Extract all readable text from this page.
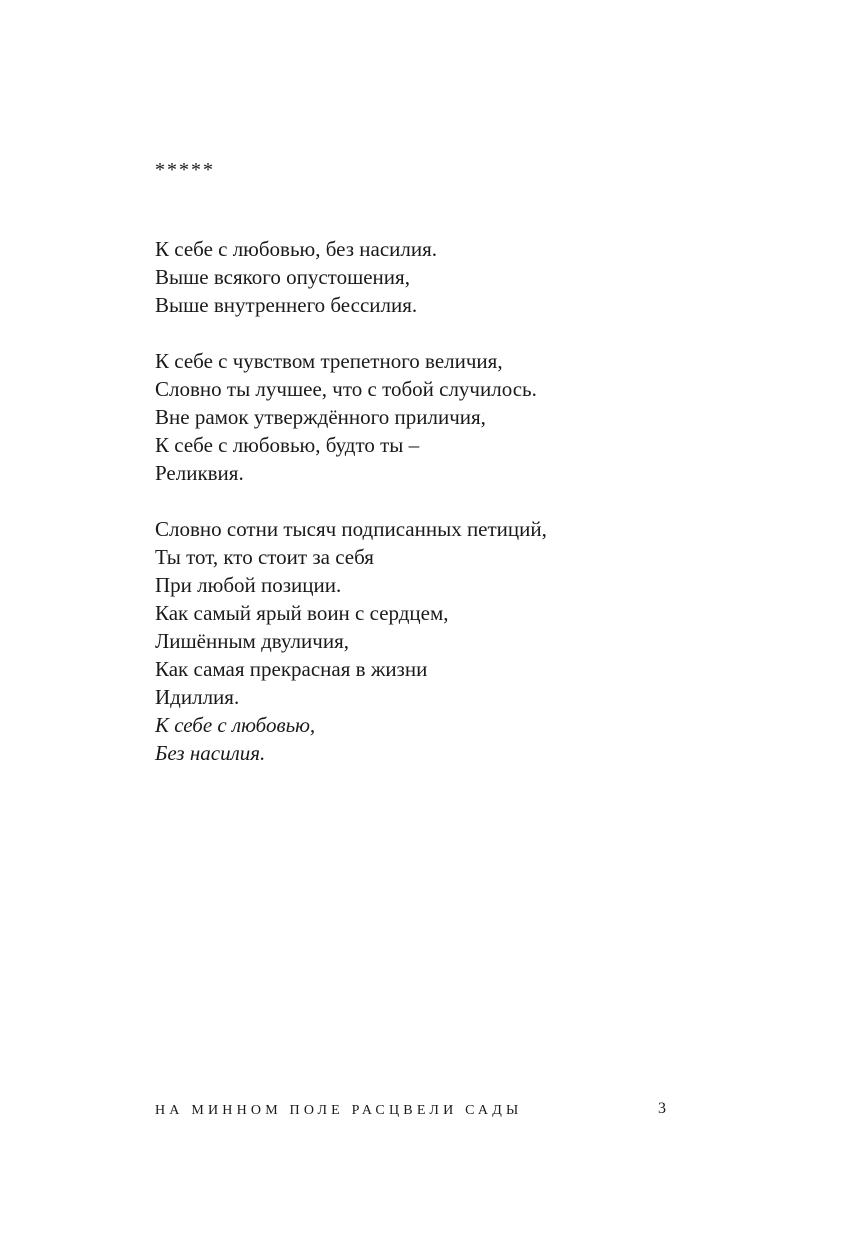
*****
К себе с любовью, без насилия.
Выше всякого опустошения,
Выше внутреннего бессилия.
К себе с чувством трепетного величия,
Словно ты лучшее, что с тобой случилось.
Вне рамок утверждённого приличия,
К себе с любовью, будто ты –
Реликвия.
Словно сотни тысяч подписанных петиций,
Ты тот, кто стоит за себя
При любой позиции.
Как самый ярый воин с сердцем,
Лишённым двуличия,
Как самая прекрасная в жизни
Идиллия.
К себе с любовью,
Без насилия.
НА МИННОМ ПОЛЕ РАСЦВЕЛИ САДЫ	3
